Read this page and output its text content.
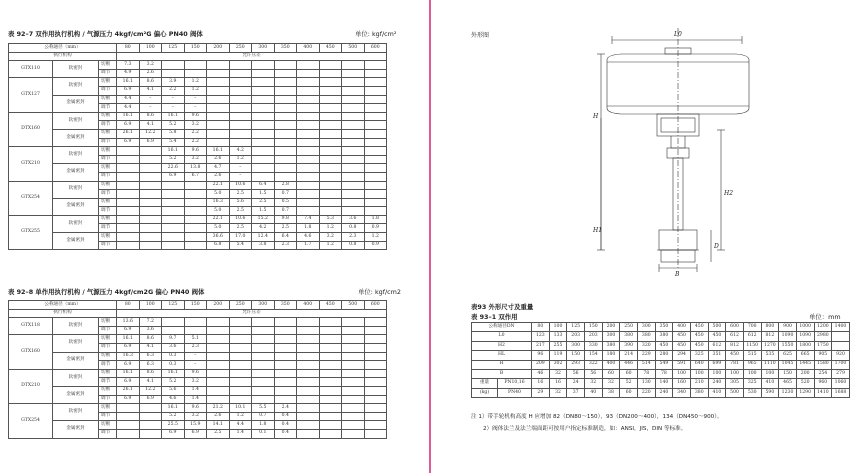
表 92–7 双作用执行机构 / 气源压力 4kgf/cm²G 偏心 PN40 阀体	单位: kgf/cm²
公称通径（mm）			80	100	125	150	200	250	300	350	400	450	500	600
执行机构			允许压差											
GTX110	软密封	切断	7.3	3.2										
		调节	4.9	2.6										
GTX127	软密封	切断	16.1	8.6	3.9	1.2								
		调节	6.9	4.1	2.2	1.2								
	金属密封	切断	4.4	–	–	–								
		调节	4.4	–	–	–								
DTX160	软密封	切断	16.1	8.6	16.1	9.6								
		调节	6.9	4.1	5.2	3.2								
	金属密封	切断	26.1	12.2	5.8	2.2								
		调节	6.9	6.9	5.4	2.2								
GTX210	软密封	切断			16.1	9.6	16.1	4.2						
		调节			5.2	3.2	2.6	1.2						
	金属密封	切断			22.6	13.8	4.7	–						
		调节			6.9	6.7	2.6	–						
GTX254	软密封	切断					22.1	10.6	6.4	2.8				
		调节					5.0	2.5	1.5	0.7				
	金属密封	切断					16.3	5.6	2.5	0.5				
		调节					5.0	2.5	1.5	0.7				
GTX255	软密封	切断					22.1	10.6	15.2	9.8	7.4	5.3	3.6	1.8
		调节					5.0	2.5	4.2	2.5	1.8	1.2	0.8	0.9
	金属密封	切断					36.6	17.0	12.4	6.4	4.6	3.2	2.3	1.2
		调节					6.8	5.4	3.8	2.3	1.7	1.2	0.8	0.9
表 92–8 单作用执行机构 / 气源压力 4kgf/cm2G 偏心 PN40 阀体	单位: kgf/cm2
公称通径（mm）			80	100	125	150	200	250	300	350	400	450	500	600
执行机构			允许压差											
GTX118	软密封	切断	13.6	7.2										
		调节	6.9	3.6										
GTX160	软密封	切断	16.1	8.6	9.7	5.1								
		调节	6.9	4.1	3.6	2.3								
	金属密封	切断	16.3	6.3	0.3	–								
		调节	6.9	6.3	0.3	–								
DTX210	软密封	切断	16.1	8.6	16.1	9.6								
		调节	6.9	4.1	5.2	3.2								
	金属密封	切断	26.1	12.2	5.6	1.4								
		调节	6.9	6.9	4.6	1.4								
GTX254	软密封	切断			16.1	9.6	21.2	10.1	5.5	2.4				
		调节			5.2	3.2	2.6	1.2	0.7	0.4				
	金属密封	切断			25.5	15.9	14.1	4.4	1.8	0.4				
		调节			6.9	6.9	2.5	1.4	0.1	0.4				
外形图	L0
H
H1
H2
D
B
表93 外形尺寸及重量
表 93–1 双作用	单位：mm
公称通径DN		80	100	125	150	200	250	300	350	400	450	500	600	700	800	900	1000	1200	1400
L0		123	133	203	203	300	380	380	380	450	450	450	612	612	812	1090	1090	2980	
H2		217	255	300	330	380	390	320	450	450	450	612	812	1150	1270	1550	1800	1750	
HL		96	119	150	154	180	214	229	280	294	325	351	450	515	535	625	665	905	920
H		209	302	293	322	400	446	514	549	591	640	699	781	965	1110	1045	1445	1580	1700
B		46	32	56	56	60	60	78	78	100	100	100	100	100	100	150	200	254	279
重量	PN10,16	16	16	24	32	32	52	130	140	160	210	240	305	325	410	465	520	960	1060
(kg)	PN40	29	32	37	40	38	60	220	240	340	380	410	500	530	590	1230	1290	1410	1688
注 1）带手轮机构高度 H 应增加 82（DN80～150），93（DN200～400），134（DN450～900）。
2）阀体法兰及法兰端面距可按用户指定标准制造，如：ANSI，JIS，DIN 等标准。
